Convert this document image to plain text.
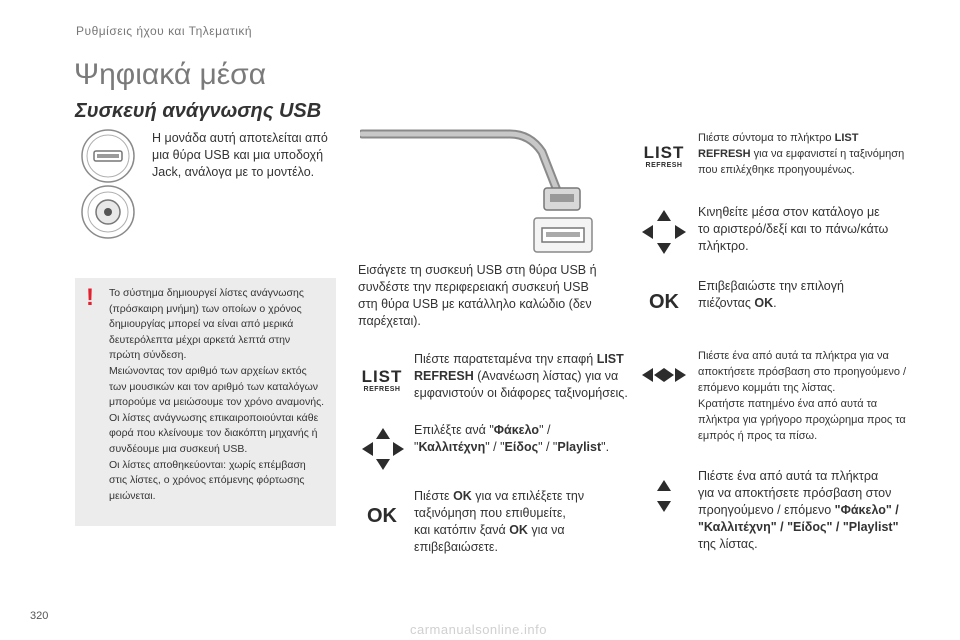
Ρυθμίσεις ήχου και Τηλεματική
Ψηφιακά μέσα
Συσκευή ανάγνωσης USB
Η μονάδα αυτή αποτελείται από
μια θύρα USB και μια υποδοχή
Jack, ανάλογα με το μοντέλο.
! Το σύστημα δημιουργεί λίστες ανάγνωσης
(πρόσκαιρη μνήμη) των οποίων ο χρόνος
δημιουργίας μπορεί να είναι από μερικά
δευτερόλεπτα μέχρι αρκετά λεπτά στην
πρώτη σύνδεση.
Μειώνοντας τον αριθμό των αρχείων εκτός
των μουσικών και τον αριθμό των καταλόγων
μπορούμε να μειώσουμε τον χρόνο αναμονής.
Οι λίστες ανάγνωσης επικαιροποιούνται κάθε
φορά που κλείνουμε τον διακόπτη μηχανής ή
συνδέουμε μια συσκευή USB.
Οι λίστες αποθηκεύονται: χωρίς επέμβαση
στις λίστες, ο χρόνος επόμενης φόρτωσης
μειώνεται.
Εισάγετε τη συσκευή USB στη θύρα USB ή
συνδέστε την περιφερειακή συσκευή USB
στη θύρα USB με κατάλληλο καλώδιο (δεν
παρέχεται).
LIST
REFRESH
Πιέστε παρατεταμένα την επαφή LIST
REFRESH (Ανανέωση λίστας) για να
εμφανιστούν οι διάφορες ταξινομήσεις.
Επιλέξτε ανά "Φάκελο" /
"Καλλιτέχνη" / "Είδος" / "Playlist".
OK
Πιέστε OK για να επιλέξετε την
ταξινόμηση που επιθυμείτε,
και κατόπιν ξανά OK για να
επιβεβαιώσετε.
LIST
REFRESH
Πιέστε σύντομα το πλήκτρο LIST
REFRESH για να εμφανιστεί η ταξινόμηση
που επιλέχθηκε προηγουμένως.
Κινηθείτε μέσα στον κατάλογο με
το αριστερό/δεξί και το πάνω/κάτω
πλήκτρο.
OK
Επιβεβαιώστε την επιλογή
πιέζοντας OK.
Πιέστε ένα από αυτά τα πλήκτρα για να
αποκτήσετε πρόσβαση στο προηγούμενο /
επόμενο κομμάτι της λίστας.
Κρατήστε πατημένο ένα από αυτά τα
πλήκτρα για γρήγορο προχώρημα προς τα
εμπρός ή προς τα πίσω.
Πιέστε ένα από αυτά τα πλήκτρα
για να αποκτήσετε πρόσβαση στον
προηγούμενο / επόμενο "Φάκελο" /
"Καλλιτέχνη" / "Είδος" / "Playlist"
της λίστας.
320
carmanualsonline.info
